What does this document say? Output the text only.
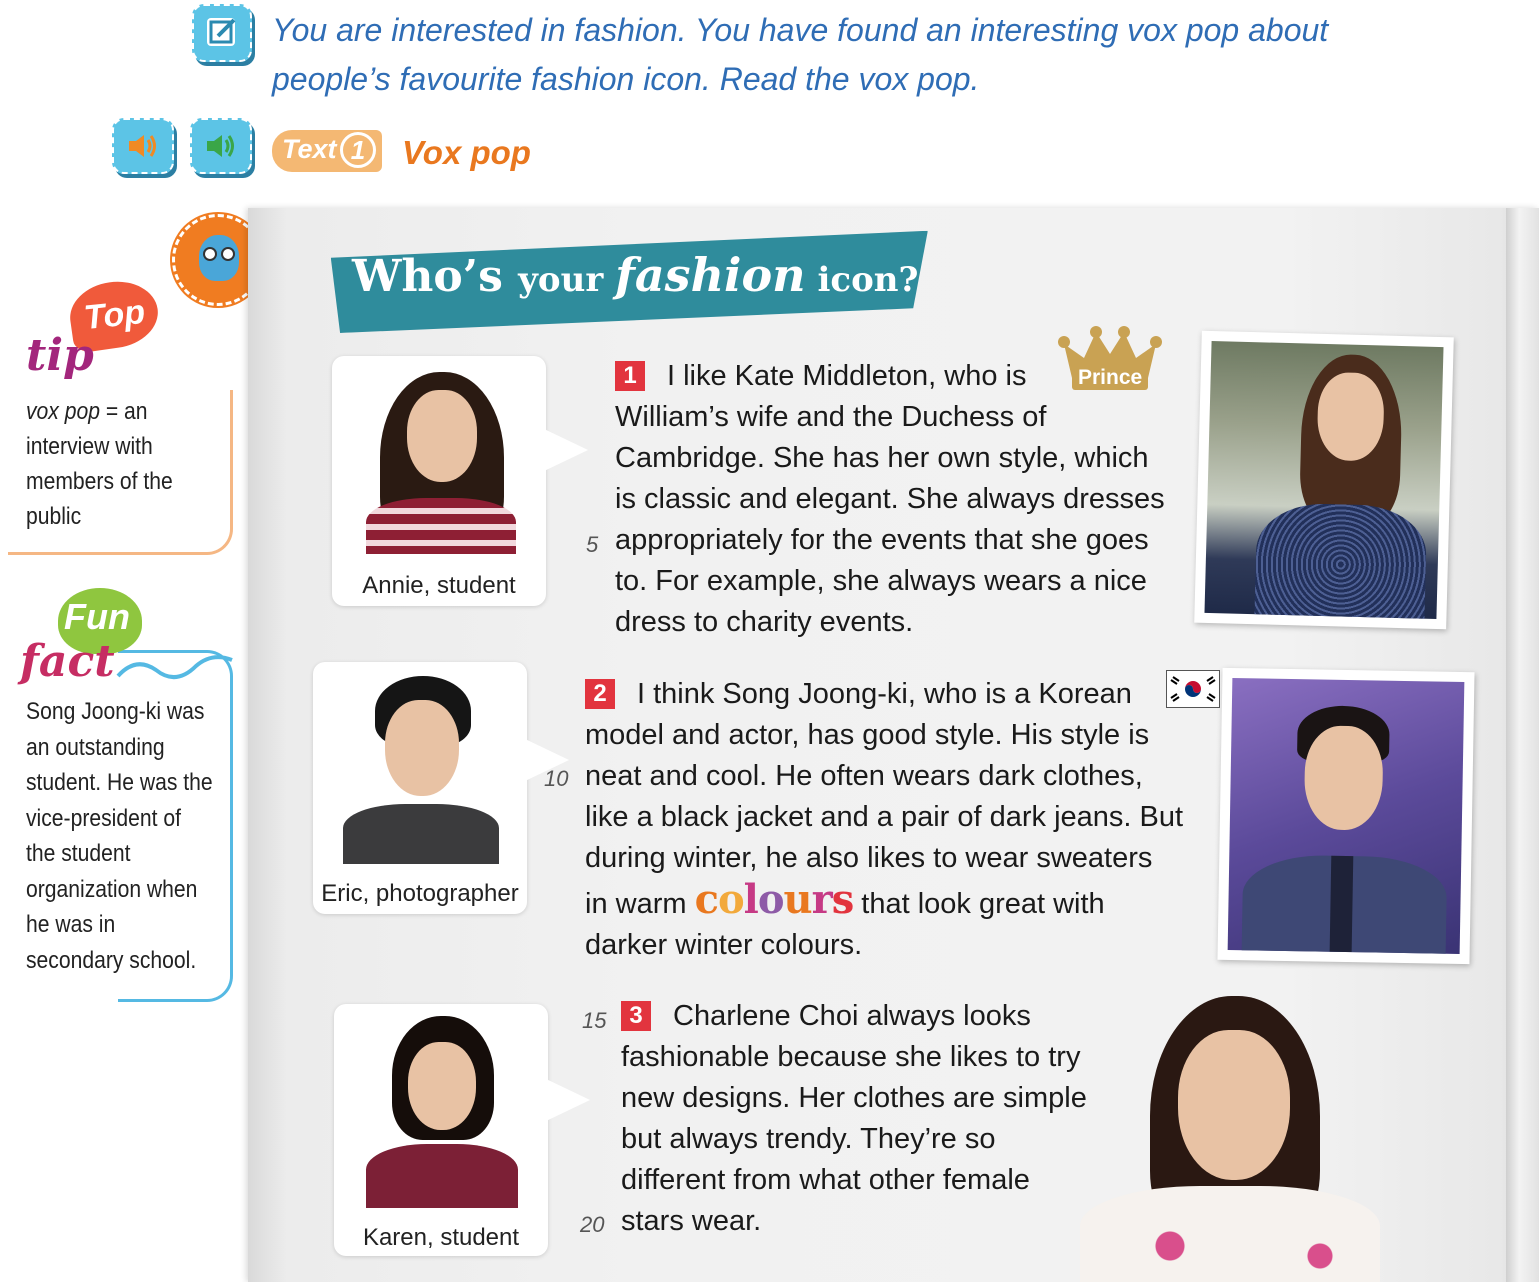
You are interested in fashion. You have found an interesting vox pop about
people’s favourite fashion icon. Read the vox pop.
Text 1	Vox pop
Top
tip
vox pop = an interview with members of the public
Fun
fact
Song Joong-ki was an outstanding student. He was the vice-president of the student organization when he was in secondary school.
Who’s your fashion icon?
Annie, student
Eric, photographer
Karen, student
Prince
1 I like Kate Middleton, who is
William’s wife and the Duchess of
Cambridge. She has her own style, which
is classic and elegant. She always dresses
appropriately for the events that she goes
to. For example, she always wears a nice
dress to charity events.
5
2 I think Song Joong-ki, who is a Korean
model and actor, has good style. His style is
neat and cool. He often wears dark clothes,
like a black jacket and a pair of dark jeans. But
during winter, he also likes to wear sweaters
in warm colours that look great with
darker winter colours.
10
3 Charlene Choi always looks
fashionable because she likes to try
new designs. Her clothes are simple
but always trendy. They’re so
different from what other female
stars wear.
15
20
